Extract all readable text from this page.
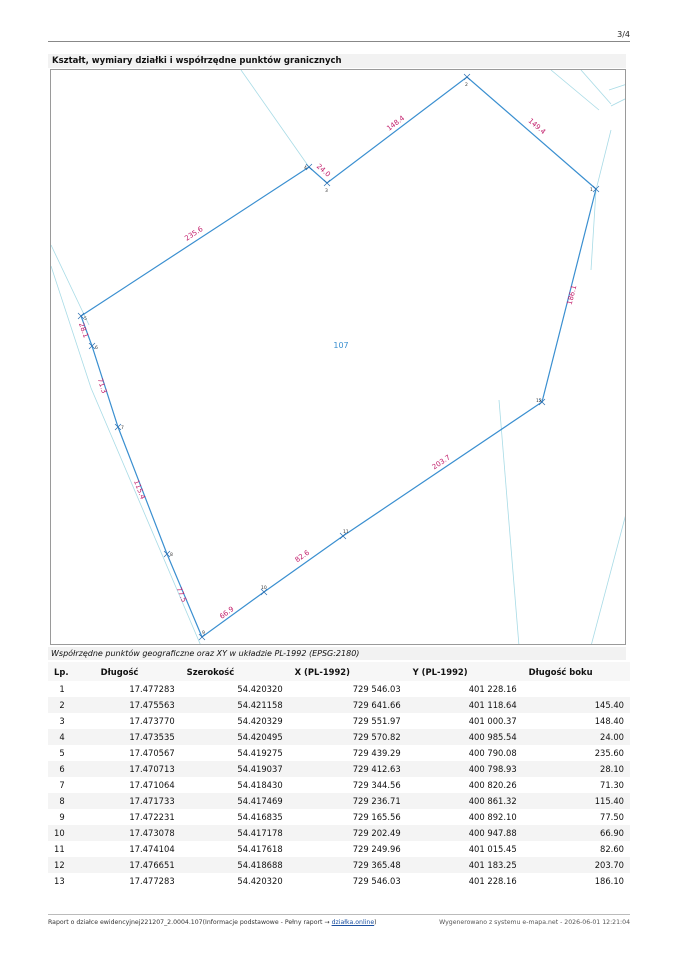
3/4
Kształt, wymiary działki i współrzędne punktów granicznych
1
2
3
4
5
6
7
8
9
10
11
12
149.4
148.4
24.0
235.6
28.1
71.3
115.4
77.5
66.9
82.6
203.7
186.1
107
Współrzędne punktów geograficzne oraz XY w układzie PL-1992 (EPSG:2180)
Lp.	Długość	Szerokość	X (PL-1992)	Y (PL-1992)	Długość boku
1	17.477283	54.420320	729 546.03	401 228.16	
2	17.475563	54.421158	729 641.66	401 118.64	145.40
3	17.473770	54.420329	729 551.97	401 000.37	148.40
4	17.473535	54.420495	729 570.82	400 985.54	24.00
5	17.470567	54.419275	729 439.29	400 790.08	235.60
6	17.470713	54.419037	729 412.63	400 798.93	28.10
7	17.471064	54.418430	729 344.56	400 820.26	71.30
8	17.471733	54.417469	729 236.71	400 861.32	115.40
9	17.472231	54.416835	729 165.56	400 892.10	77.50
10	17.473078	54.417178	729 202.49	400 947.88	66.90
11	17.474104	54.417618	729 249.96	401 015.45	82.60
12	17.476651	54.418688	729 365.48	401 183.25	203.70
13	17.477283	54.420320	729 546.03	401 228.16	186.10
Raport o działce ewidencyjnej221207_2.0004.107(Informacje podstawowe - Pełny raport → działka.online)	Wygenerowano z systemu e-mapa.net - 2026-06-01 12:21:04
